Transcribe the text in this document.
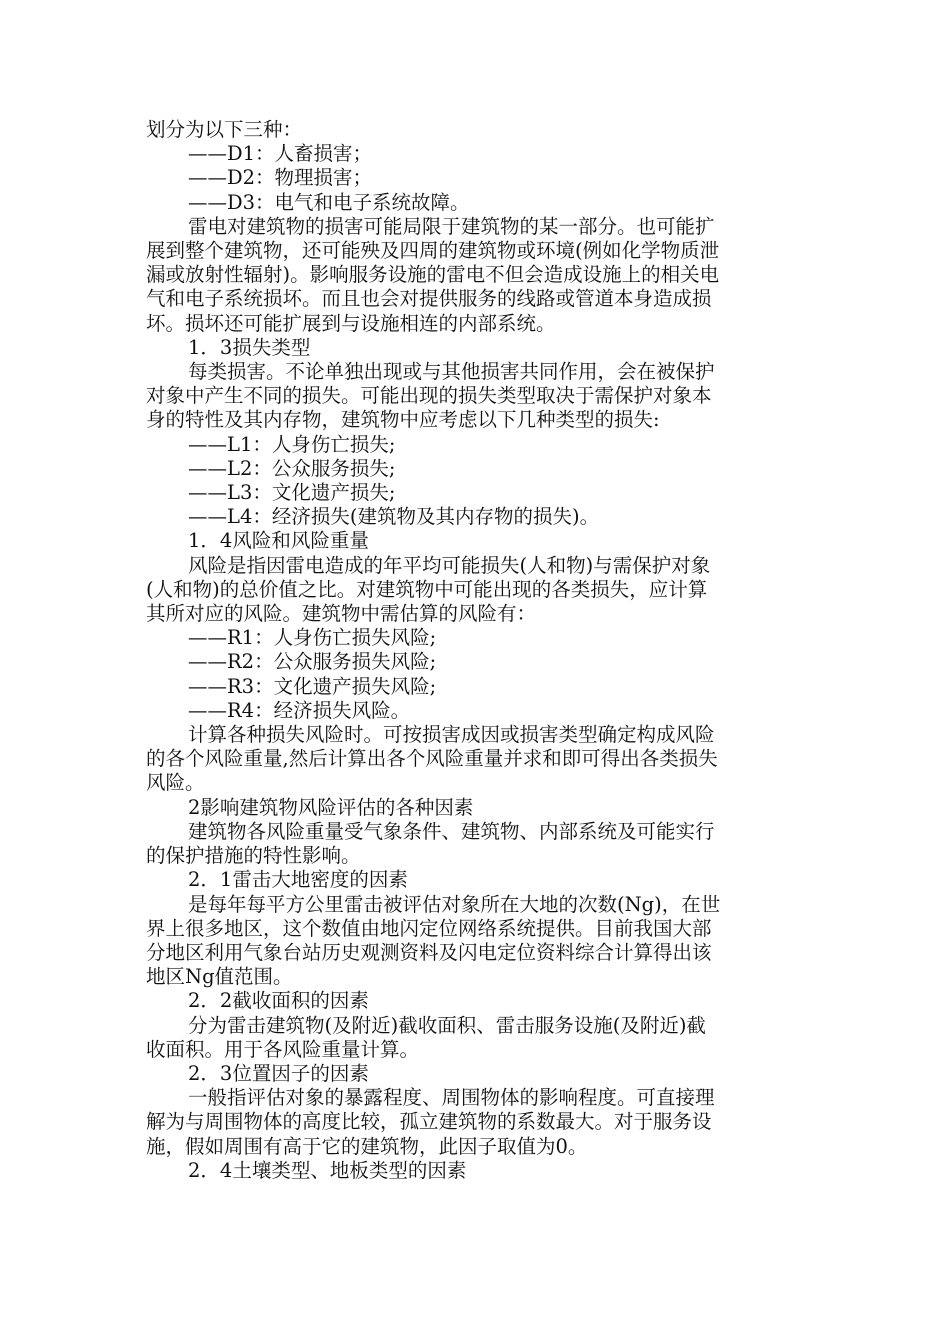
划分为以下三种：
——D1：人畜损害；
——D2：物理损害；
——D3：电气和电子系统故障。
雷电对建筑物的损害可能局限于建筑物的某一部分。也可能扩
展到整个建筑物，还可能殃及四周的建筑物或环境(例如化学物质泄
漏或放射性辐射)。影响服务设施的雷电不但会造成设施上的相关电
气和电子系统损坏。而且也会对提供服务的线路或管道本身造成损
坏。损坏还可能扩展到与设施相连的内部系统。
1．3损失类型
每类损害。不论单独出现或与其他损害共同作用，会在被保护
对象中产生不同的损失。可能出现的损失类型取决于需保护对象本
身的特性及其内存物，建筑物中应考虑以下几种类型的损失:
——L1：人身伤亡损失;
——L2：公众服务损失;
——L3：文化遗产损失;
——L4：经济损失(建筑物及其内存物的损失)。
1．4风险和风险重量
风险是指因雷电造成的年平均可能损失(人和物)与需保护对象
(人和物)的总价值之比。对建筑物中可能出现的各类损失，应计算
其所对应的风险。建筑物中需估算的风险有：
——R1：人身伤亡损失风险;
——R2：公众服务损失风险;
——R3：文化遗产损失风险;
——R4：经济损失风险。
计算各种损失风险时。可按损害成因或损害类型确定构成风险
的各个风险重量,然后计算出各个风险重量并求和即可得出各类损失
风险。
2影响建筑物风险评估的各种因素
建筑物各风险重量受气象条件、建筑物、内部系统及可能实行
的保护措施的特性影响。
2．1雷击大地密度的因素
是每年每平方公里雷击被评估对象所在大地的次数(Ng)，在世
界上很多地区，这个数值由地闪定位网络系统提供。目前我国大部
分地区利用气象台站历史观测资料及闪电定位资料综合计算得出该
地区Ng值范围。
2．2截收面积的因素
分为雷击建筑物(及附近)截收面积、雷击服务设施(及附近)截
收面积。用于各风险重量计算。
2．3位置因子的因素
一般指评估对象的暴露程度、周围物体的影响程度。可直接理
解为与周围物体的高度比较，孤立建筑物的系数最大。对于服务设
施，假如周围有高于它的建筑物，此因子取值为0。
2．4土壤类型、地板类型的因素
